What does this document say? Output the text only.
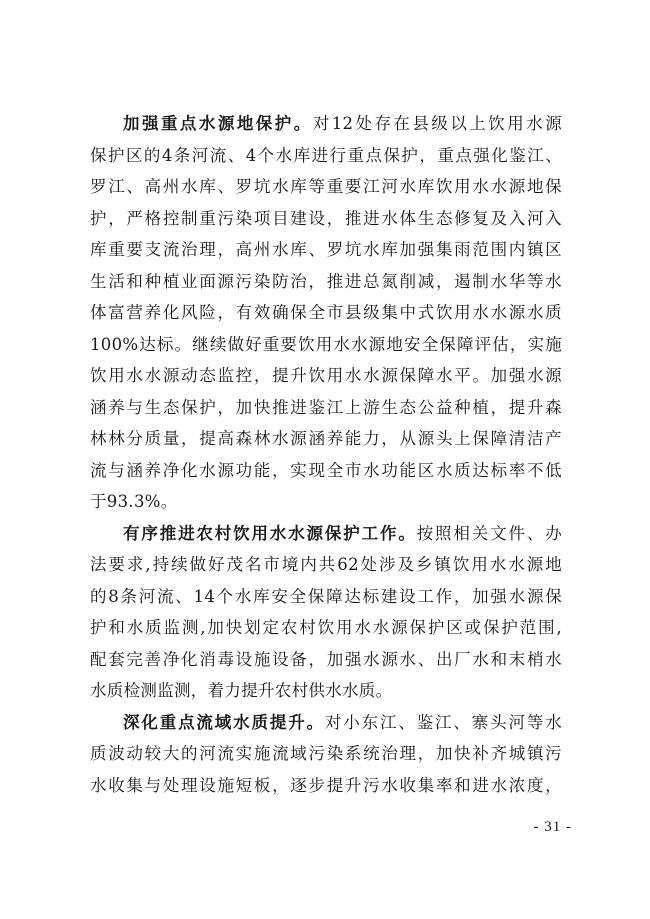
加强重点水源地保护。对12处存在县级以上饮用水源
保护区的4条河流、4个水库进行重点保护，重点强化鉴江、
罗江、高州水库、罗坑水库等重要江河水库饮用水水源地保
护，严格控制重污染项目建设，推进水体生态修复及入河入
库重要支流治理，高州水库、罗坑水库加强集雨范围内镇区
生活和种植业面源污染防治，推进总氮削减，遏制水华等水
体富营养化风险，有效确保全市县级集中式饮用水水源水质
100%达标。继续做好重要饮用水水源地安全保障评估，实施
饮用水水源动态监控，提升饮用水水源保障水平。加强水源
涵养与生态保护，加快推进鉴江上游生态公益种植，提升森
林林分质量，提高森林水源涵养能力，从源头上保障清洁产
流与涵养净化水源功能，实现全市水功能区水质达标率不低
于93.3%。
有序推进农村饮用水水源保护工作。按照相关文件、办
法要求,持续做好茂名市境内共62处涉及乡镇饮用水水源地
的8条河流、14个水库安全保障达标建设工作，加强水源保
护和水质监测,加快划定农村饮用水水源保护区或保护范围,
配套完善净化消毒设施设备，加强水源水、出厂水和末梢水
水质检测监测，着力提升农村供水水质。
深化重点流域水质提升。对小东江、鉴江、寨头河等水
质波动较大的河流实施流域污染系统治理，加快补齐城镇污
水收集与处理设施短板，逐步提升污水收集率和进水浓度，
- 31 -
